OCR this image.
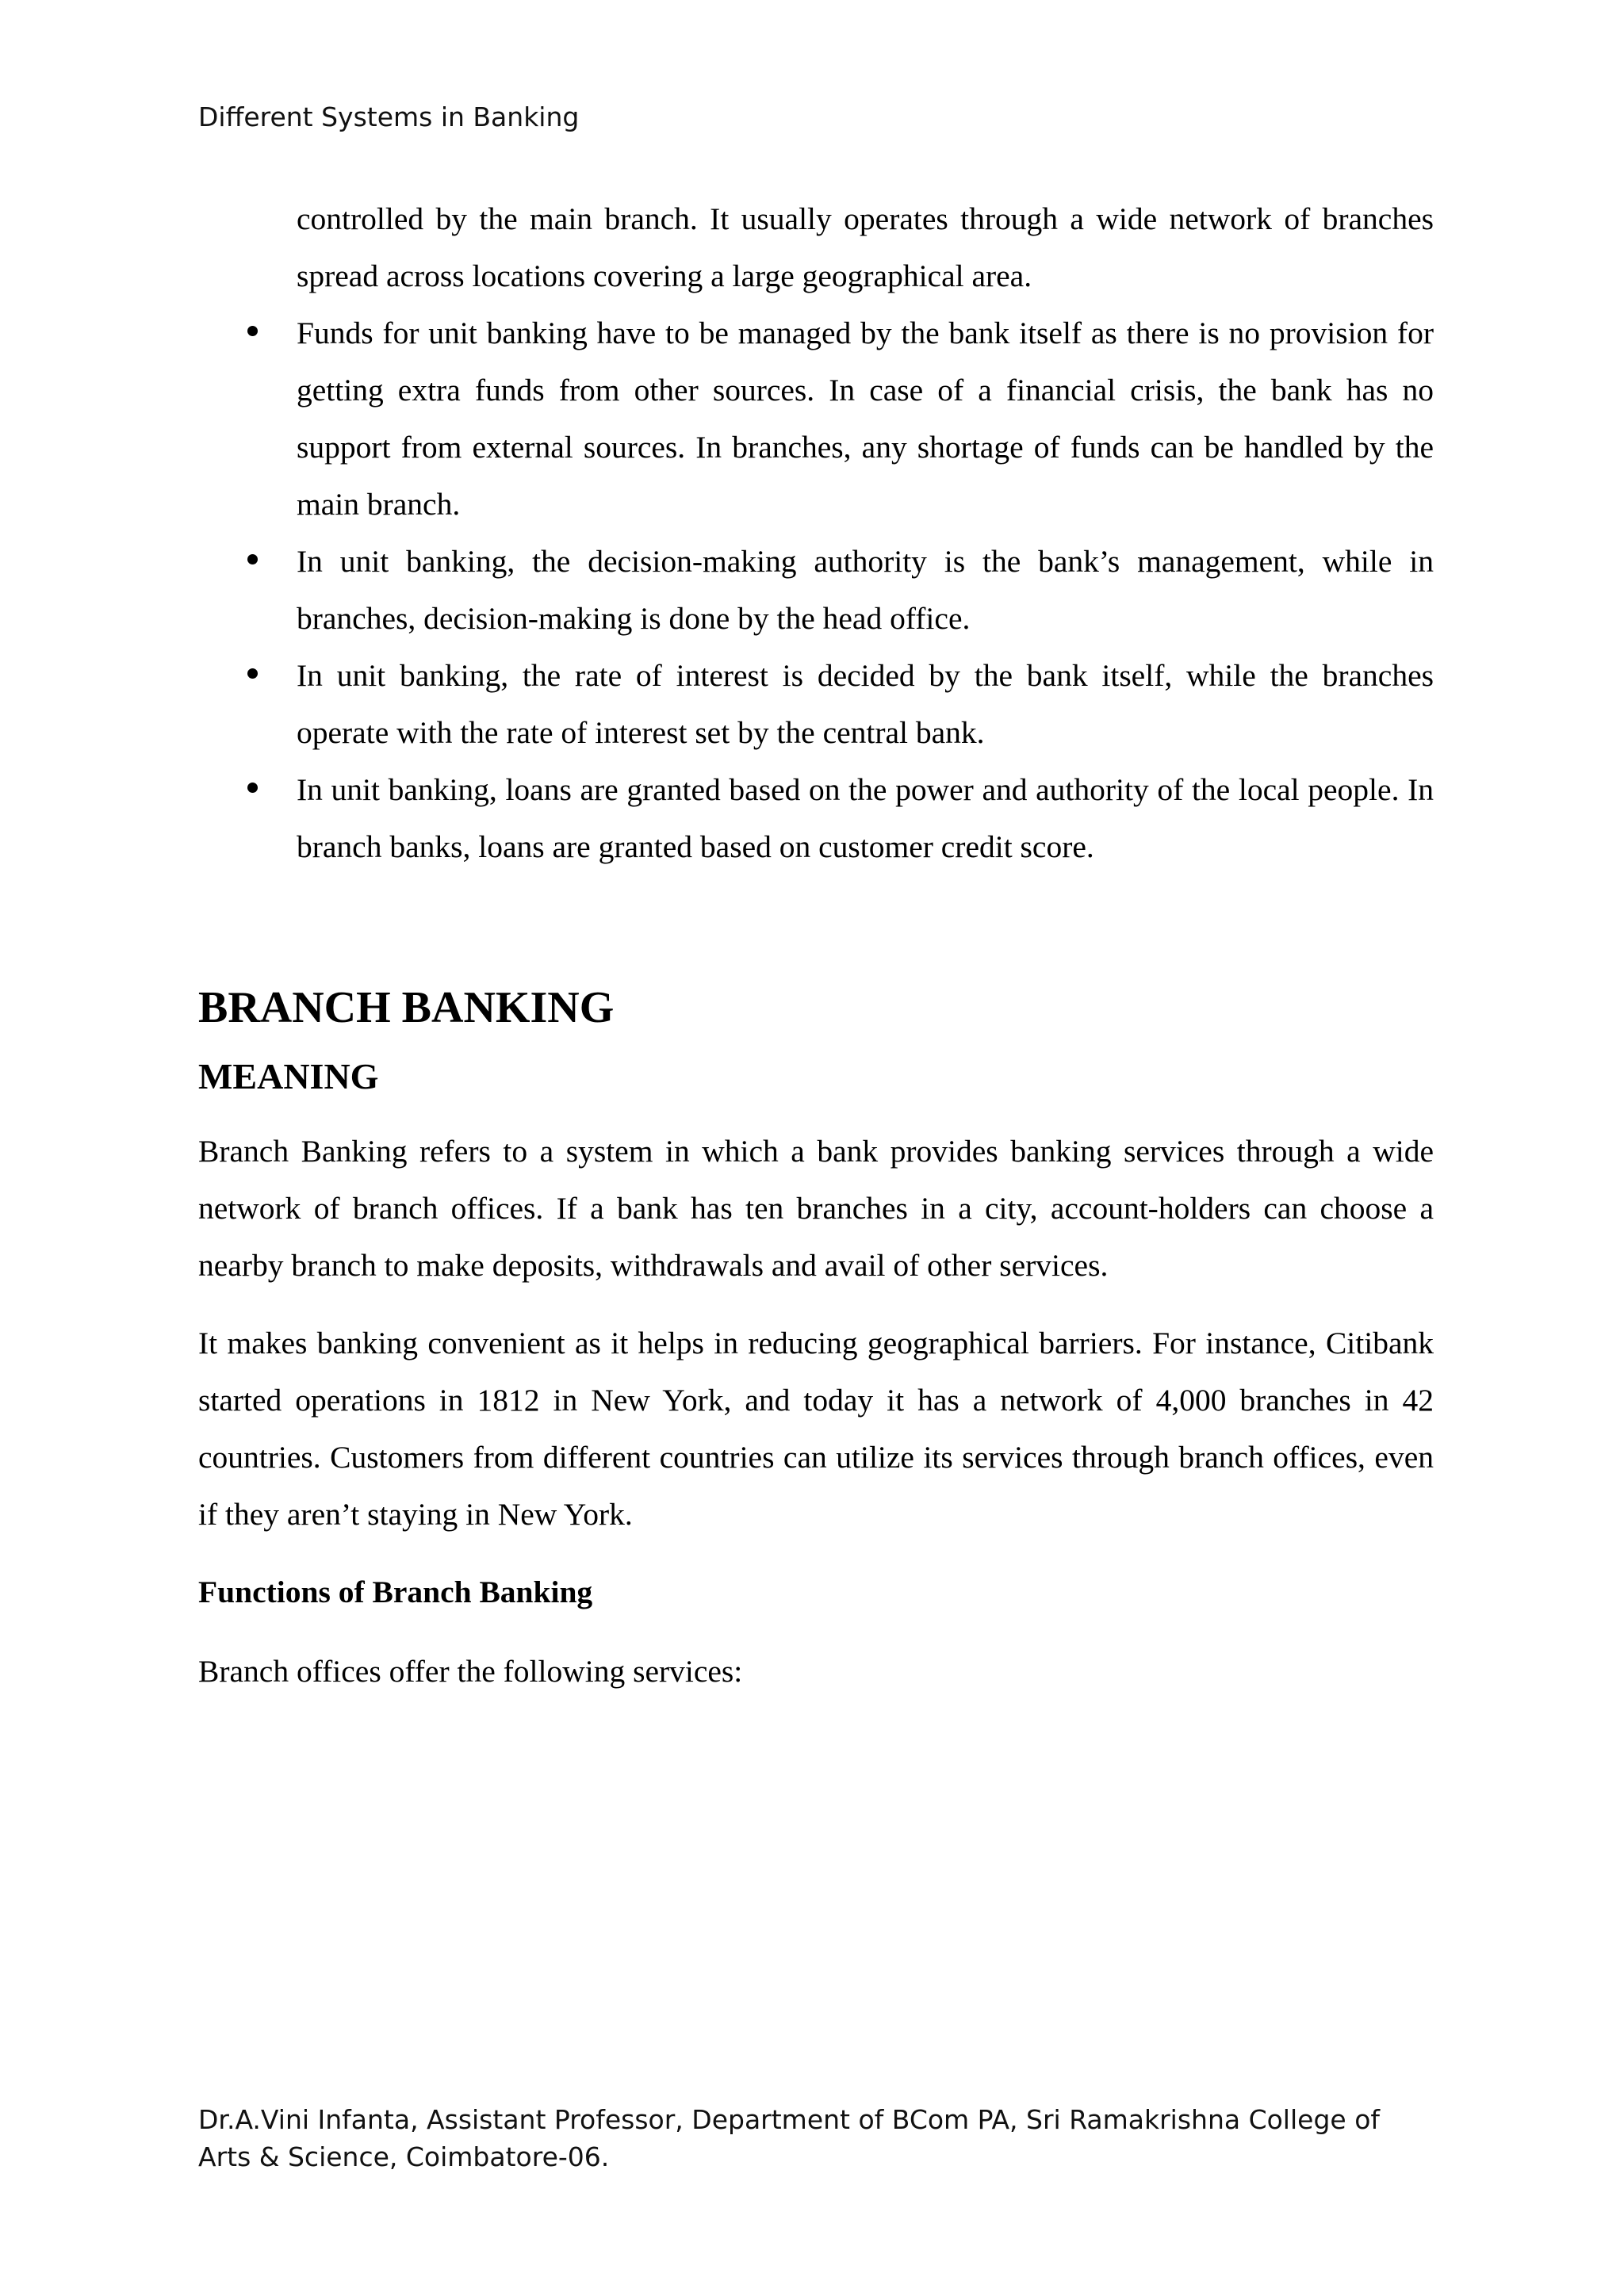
Different Systems in Banking

controlled by the main branch. It usually operates through a wide network of branches spread across locations covering a large geographical area.

Funds for unit banking have to be managed by the bank itself as there is no provision for getting extra funds from other sources. In case of a financial crisis, the bank has no support from external sources. In branches, any shortage of funds can be handled by the main branch.
In unit banking, the decision-making authority is the bank’s management, while in branches, decision-making is done by the head office.
In unit banking, the rate of interest is decided by the bank itself, while the branches operate with the rate of interest set by the central bank.
In unit banking, loans are granted based on the power and authority of the local people. In branch banks, loans are granted based on customer credit score.
BRANCH BANKING
MEANING

Branch Banking refers to a system in which a bank provides banking services through a wide network of branch offices. If a bank has ten branches in a city, account-holders can choose a nearby branch to make deposits, withdrawals and avail of other services.

It makes banking convenient as it helps in reducing geographical barriers. For instance, Citibank started operations in 1812 in New York, and today it has a network of 4,000 branches in 42 countries. Customers from different countries can utilize its services through branch offices, even if they aren’t staying in New York.

Functions of Branch Banking

Branch offices offer the following services:

Dr.A.Vini Infanta, Assistant Professor, Department of BCom PA, Sri Ramakrishna College of Arts & Science, Coimbatore-06.
